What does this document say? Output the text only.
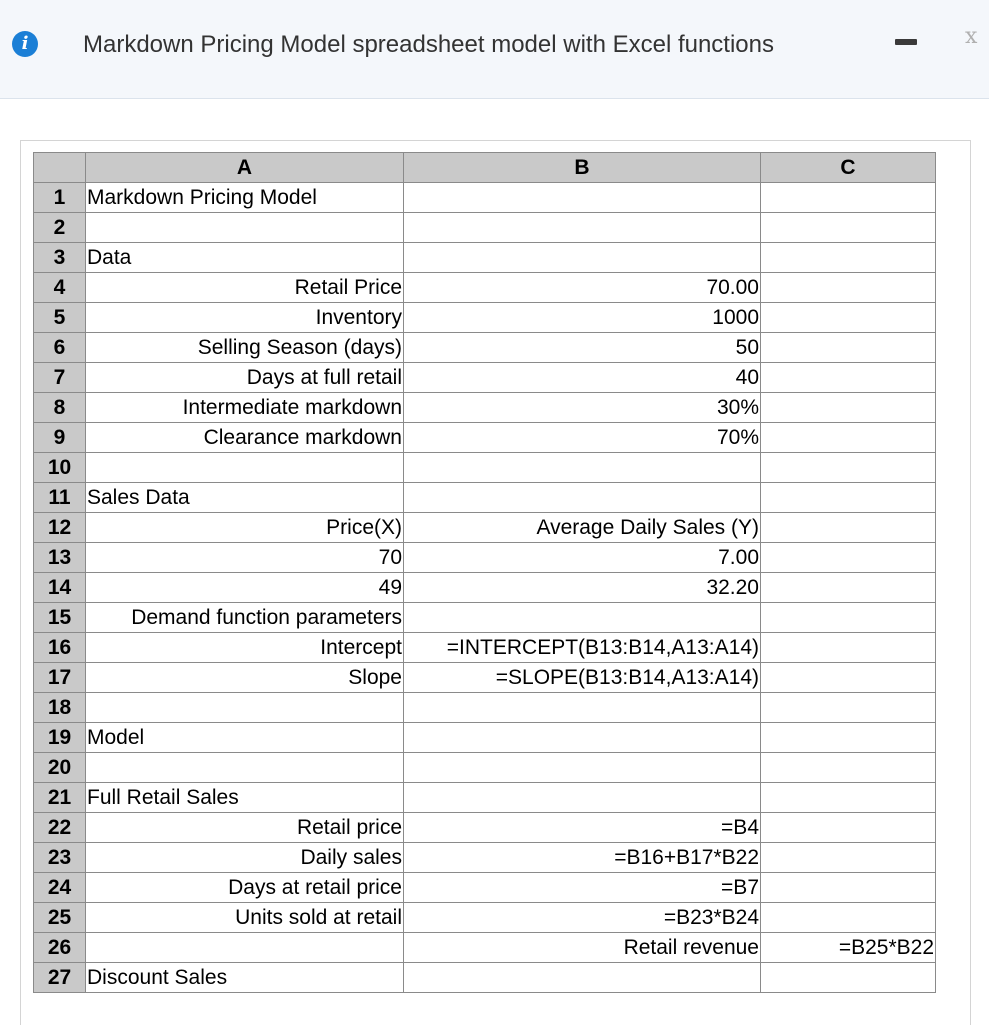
i	Markdown Pricing Model spreadsheet model with Excel functions	x
	A	B	C
1	Markdown Pricing Model		
2			
3	Data		
4	Retail Price	70.00	
5	Inventory	1000	
6	Selling Season (days)	50	
7	Days at full retail	40	
8	Intermediate markdown	30%	
9	Clearance markdown	70%	
10			
11	Sales Data		
12	Price(X)	Average Daily Sales (Y)	
13	70	7.00	
14	49	32.20	
15	Demand function parameters		
16	Intercept	=INTERCEPT(B13:B14,A13:A14)	
17	Slope	=SLOPE(B13:B14,A13:A14)	
18			
19	Model		
20			
21	Full Retail Sales		
22	Retail price	=B4	
23	Daily sales	=B16+B17*B22	
24	Days at retail price	=B7	
25	Units sold at retail	=B23*B24	
26		Retail revenue	=B25*B22
27	Discount Sales		
